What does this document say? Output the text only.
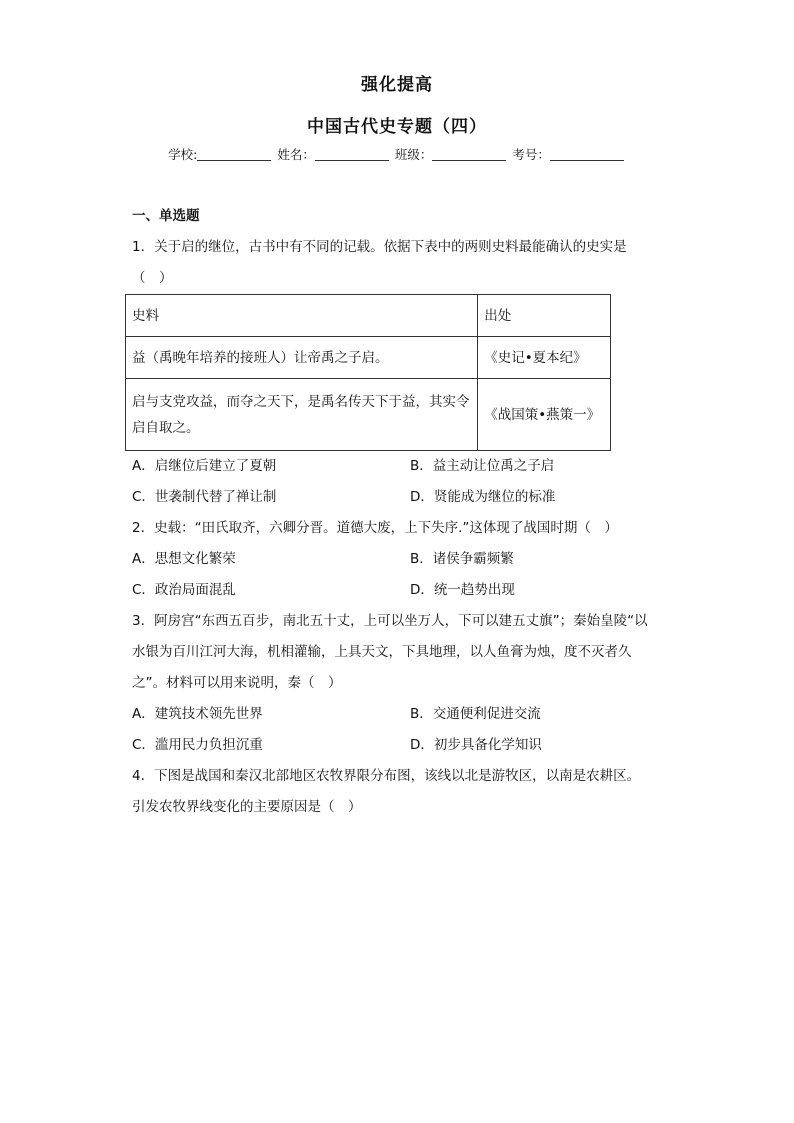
强化提高
中国古代史专题（四）
学校:	姓名：	班级：	考号：
一、单选题
1．关于启的继位，古书中有不同的记载。依据下表中的两则史料最能确认的史实是
（　）
史料	出处
益（禹晚年培养的接班人）让帝禹之子启。	《史记•夏本纪》
启与支党攻益，而夺之天下，是禹名传天下于益，其实令启自取之。	《战国策•燕策一》
A．启继位后建立了夏朝	B．益主动让位禹之子启
C．世袭制代替了禅让制	D．贤能成为继位的标准
2．史载：“田氏取齐，六卿分晋。道德大废，上下失序.”这体现了战国时期（　）
A．思想文化繁荣	B．诸侯争霸频繁
C．政治局面混乱	D．统一趋势出现
3．阿房宫“东西五百步，南北五十丈，上可以坐万人，下可以建五丈旗”；秦始皇陵“以
水银为百川江河大海，机相灌输，上具天文，下具地理，以人鱼膏为烛，度不灭者久
之”。材料可以用来说明，秦（　）
A．建筑技术领先世界	B．交通便利促进交流
C．滥用民力负担沉重	D．初步具备化学知识
4．下图是战国和秦汉北部地区农牧界限分布图，该线以北是游牧区，以南是农耕区。
引发农牧界线变化的主要原因是（　）
